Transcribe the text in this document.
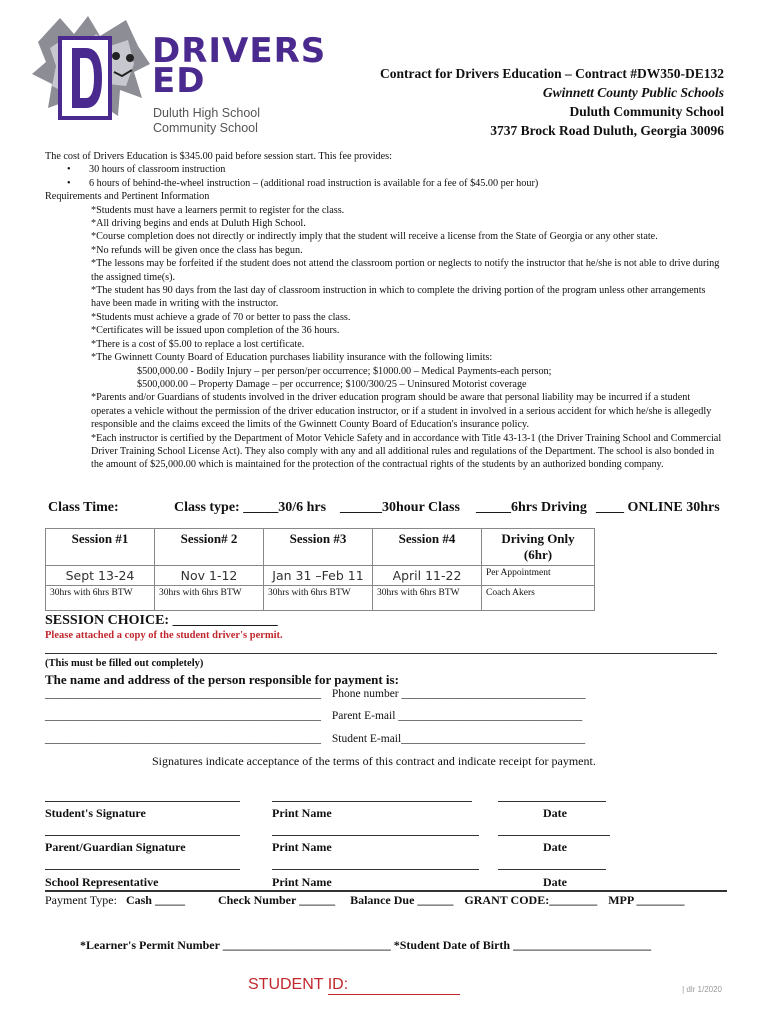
DRIVERS
ED
Duluth High School
Community School
Contract for Drivers Education – Contract #DW350-DE132
Gwinnett County Public Schools
Duluth Community School
3737 Brock Road Duluth, Georgia 30096

The cost of Drivers Education is $345.00 paid before session start. This fee provides:

•	30 hours of classroom instruction

•	6 hours of behind-the-wheel instruction – (additional road instruction is available for a fee of $45.00 per hour)

Requirements and Pertinent Information

*Students must have a learners permit to register for the class.

*All driving begins and ends at Duluth High School.

*Course completion does not directly or indirectly imply that the student will receive a license from the State of Georgia or any other state.

*No refunds will be given once the class has begun.

*The lessons may be forfeited if the student does not attend the classroom portion or neglects to notify the instructor that he/she is not able to drive during the assigned time(s).

*The student has 90 days from the last day of classroom instruction in which to complete the driving portion of the program unless other arrangements have been made in writing with the instructor.

*Students must achieve a grade of 70 or better to pass the class.

*Certificates will be issued upon completion of the 36 hours.

*There is a cost of $5.00 to replace a lost certificate.

*The Gwinnett County Board of Education purchases liability insurance with the following limits:

$500,000.00 - Bodily Injury – per person/per occurrence; $1000.00 – Medical Payments-each person;

$500,000.00 – Property Damage – per occurrence; $100/300/25 – Uninsured Motorist coverage

*Parents and/or Guardians of students involved in the driver education program should be aware that personal liability may be incurred if a student operates a vehicle without the permission of the driver education instructor, or if a student in involved in a serious accident for which he/she is allegedly responsible and the claims exceed the limits of the Gwinnett County Board of Education's insurance policy.

*Each instructor is certified by the Department of Motor Vehicle Safety and in accordance with Title 43-13-1 (the Driver Training School and Commercial Driver Training School License Act). They also comply with any and all additional rules and regulations of the Department. The school is also bonded in the amount of $25,000.00 which is maintained for the protection of the contractual rights of the students by an authorized bonding company.

Class Time:	Class type: _____30/6 hrs ______30hour Class _____6hrs Driving ____ ONLINE 30hrs
Session #1	Session# 2	Session #3	Session #4	Driving Only (6hr)
Sept 13-24	Nov 1-12	Jan 31 –Feb 11	April 11-22	Per Appointment
30hrs with 6hrs BTW	30hrs with 6hrs BTW	30hrs with 6hrs BTW	30hrs with 6hrs BTW	Coach Akers
SESSION CHOICE: _______________
Please attached a copy of the student driver's permit.
(This must be filled out completely)
The name and address of the person responsible for payment is:
________________________________________________ Phone number ________________________________
________________________________________________ Parent E-mail ________________________________
________________________________________________ Student E-mail________________________________
Signatures indicate acceptance of the terms of this contract and indicate receipt for payment.
Student's Signature	Print Name	Date
Parent/Guardian Signature	Print Name	Date
School Representative	Print Name	Date
Payment Type: Cash _____	Check Number ______ Balance Due ______ GRANT CODE:________ MPP ________
*Learner's Permit Number ____________________________ *Student Date of Birth _______________________
STUDENT ID:	| dlr 1/2020
